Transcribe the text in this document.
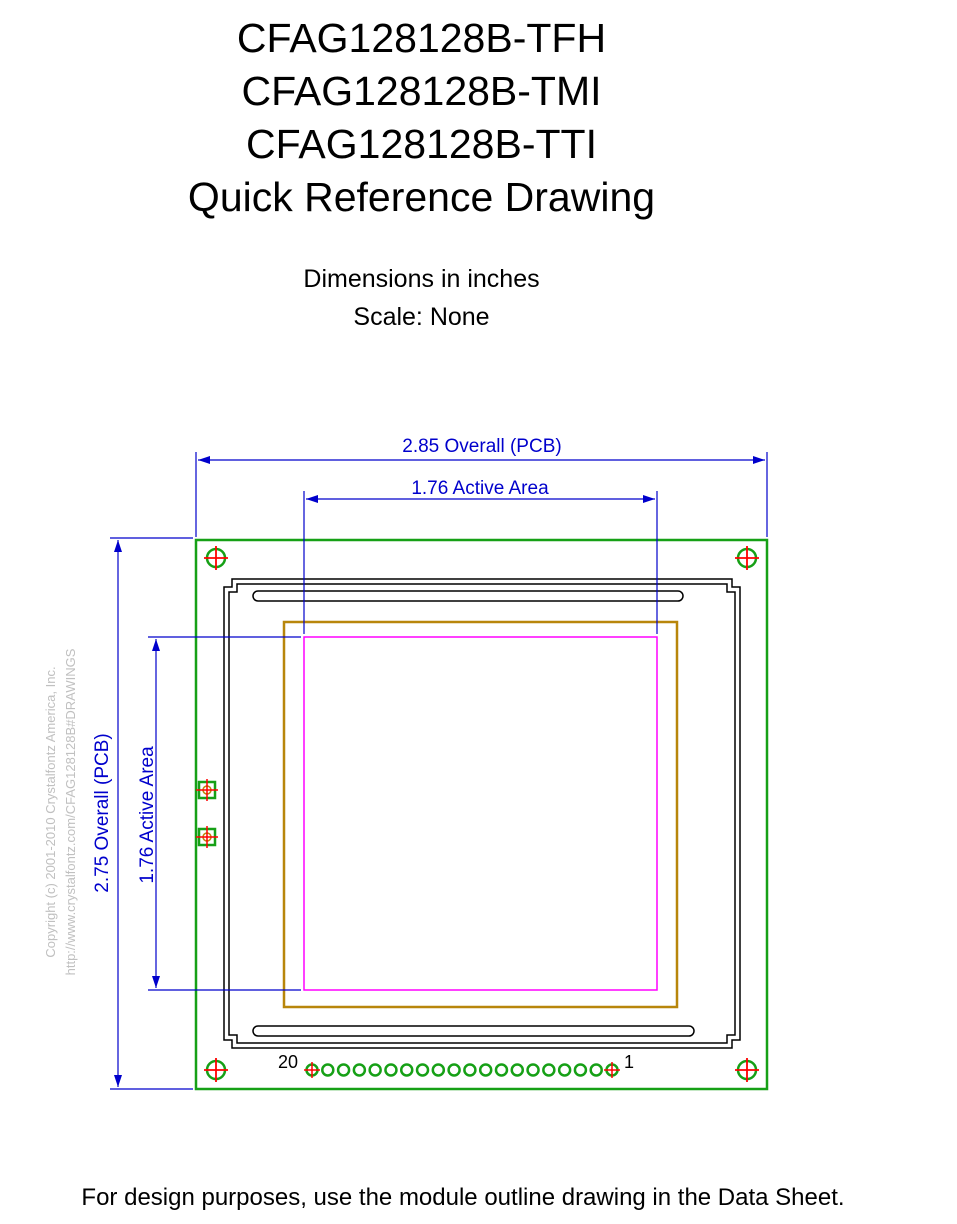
CFAG128128B-TFH
CFAG128128B-TMI
CFAG128128B-TTI
Quick Reference Drawing
Dimensions in inches
Scale: None
20	1
2.85 Overall (PCB)
1.76 Active Area
2.75 Overall (PCB) 1.76 Active Area
Copyright (c) 2001-2010 Crystalfontz America, Inc. http://www.crystalfontz.com/CFAG128128B#DRAWINGS
For design purposes, use the module outline drawing in the Data Sheet.
